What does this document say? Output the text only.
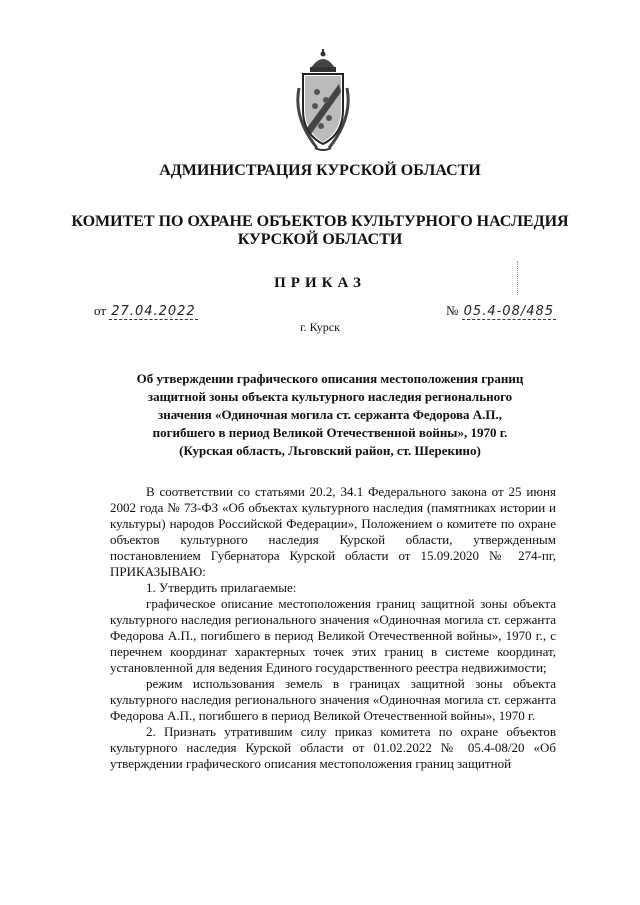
АДМИНИСТРАЦИЯ КУРСКОЙ ОБЛАСТИ
КОМИТЕТ ПО ОХРАНЕ ОБЪЕКТОВ КУЛЬТУРНОГО НАСЛЕДИЯ
КУРСКОЙ ОБЛАСТИ
ПРИКАЗ
от 27.04.2022	№ 05.4-08/485
г. Курск
Об утверждении графического описания местоположения границ
защитной зоны объекта культурного наследия регионального
значения «Одиночная могила ст. сержанта Федорова А.П.,
погибшего в период Великой Отечественной войны», 1970 г.
(Курская область, Льговский район, ст. Шерекино)

В соответствии со статьями 20.2, 34.1 Федерального закона от 25 июня 2002 года № 73-ФЗ «Об объектах культурного наследия (памятниках истории и культуры) народов Российской Федерации», Положением о комитете по охране объектов культурного наследия Курской области, утвержденным постановлением Губернатора Курской области от 15.09.2020 № 274-пг, ПРИКАЗЫВАЮ:

1. Утвердить прилагаемые:

графическое описание местоположения границ защитной зоны объекта культурного наследия регионального значения «Одиночная могила ст. сержанта Федорова А.П., погибшего в период Великой Отечественной войны», 1970 г., с перечнем координат характерных точек этих границ в системе координат, установленной для ведения Единого государственного реестра недвижимости;

режим использования земель в границах защитной зоны объекта культурного наследия регионального значения «Одиночная могила ст. сержанта Федорова А.П., погибшего в период Великой Отечественной войны», 1970 г.

2. Признать утратившим силу приказ комитета по охране объектов культурного наследия Курской области от 01.02.2022 № 05.4-08/20 «Об утверждении графического описания местоположения границ защитной
